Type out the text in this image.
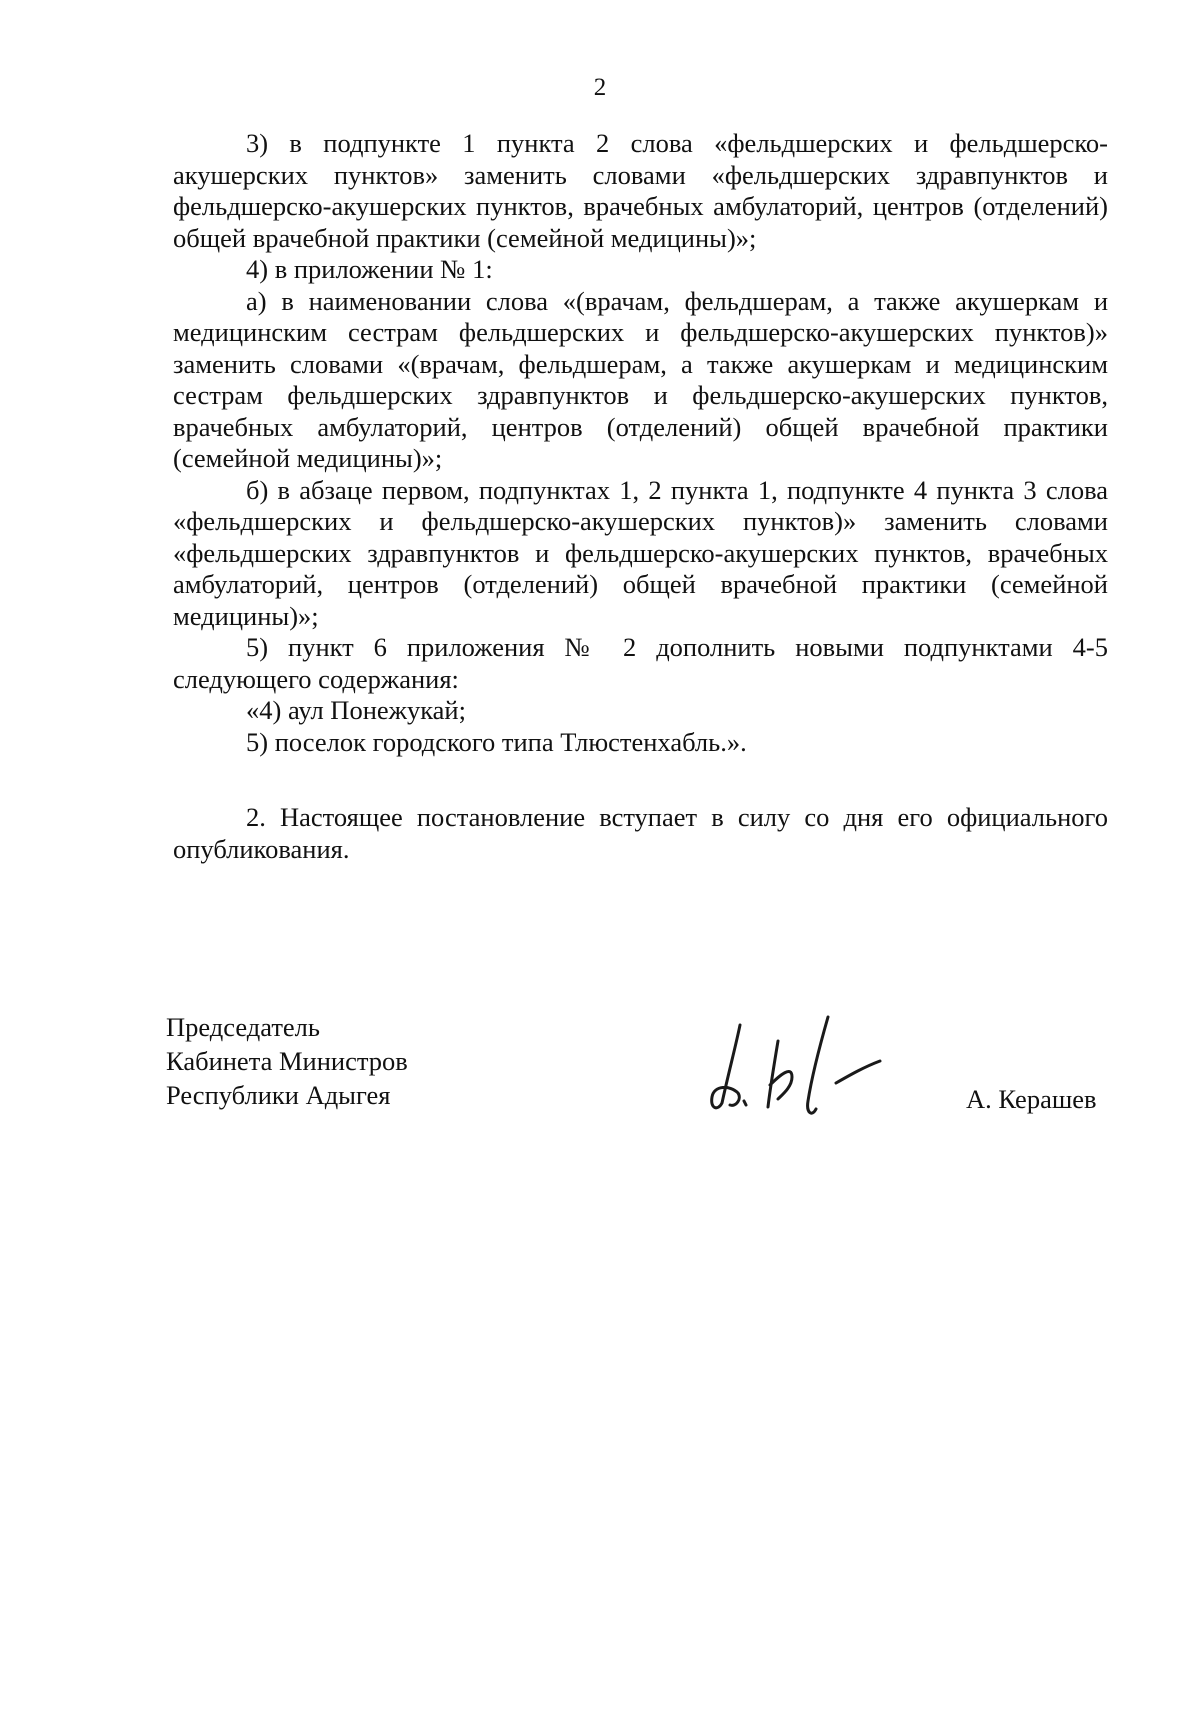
2

3) в подпункте 1 пункта 2 слова «фельдшерских и фельдшерско-акушерских пунктов» заменить словами «фельдшерских здравпунктов и фельдшерско-акушерских пунктов, врачебных амбулаторий, центров (отделений) общей врачебной практики (семейной медицины)»;

4) в приложении № 1:

а) в наименовании слова «(врачам, фельдшерам, а также акушеркам и медицинским сестрам фельдшерских и фельдшерско-акушерских пунктов)» заменить словами «(врачам, фельдшерам, а также акушеркам и медицинским сестрам фельдшерских здравпунктов и фельдшерско-акушерских пунктов, врачебных амбулаторий, центров (отделений) общей врачебной практики (семейной медицины)»;

б) в абзаце первом, подпунктах 1, 2 пункта 1, подпункте 4 пункта 3 слова «фельдшерских и фельдшерско-акушерских пунктов)» заменить словами «фельдшерских здравпунктов и фельдшерско-акушерских пунктов, врачебных амбулаторий, центров (отделений) общей врачебной практики (семейной медицины)»;

5) пункт 6 приложения № 2 дополнить новыми подпунктами 4-5 следующего содержания:

«4) аул Понежукай;

5) поселок городского типа Тлюстенхабль.».

2. Настоящее постановление вступает в силу со дня его официального опубликования.

Председатель
Кабинета Министров
Республики Адыгея	А. Керашев
